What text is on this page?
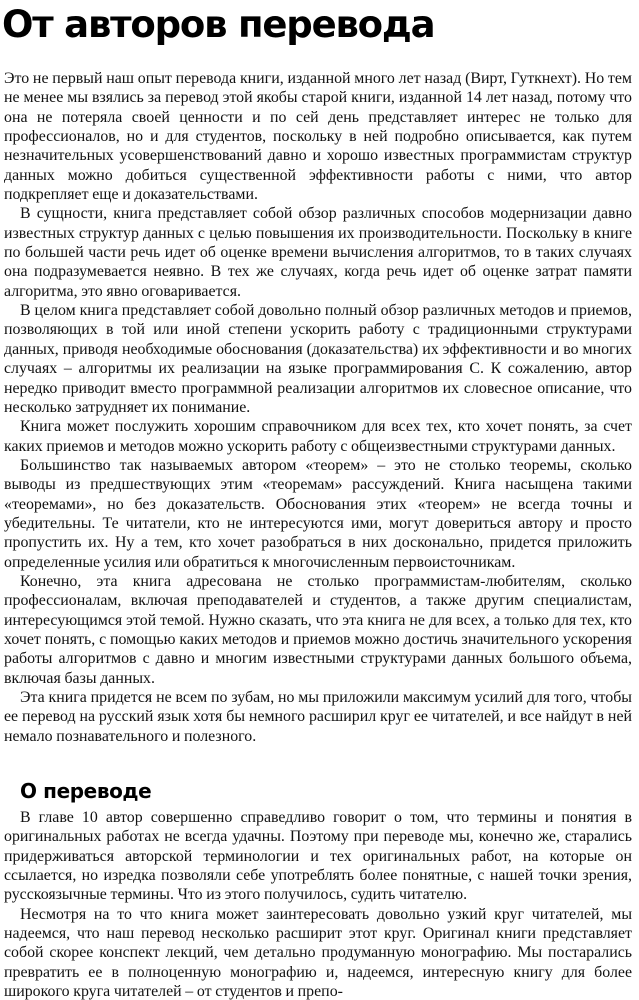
От авторов перевода

Это не первый наш опыт перевода книги, изданной много лет назад (Вирт, Гуткнехт). Но тем не менее мы взялись за перевод этой якобы старой книги, изданной 14 лет назад, потому что она не потеряла своей ценности и по сей день представляет интерес не только для профессионалов, но и для студентов, поскольку в ней подробно описывается, как путем незначительных усовершенствований давно и хорошо известных программистам структур данных можно добиться существенной эффективности работы с ними, что автор подкрепляет еще и доказательствами.

В сущности, книга представляет собой обзор различных способов модернизации давно известных структур данных с целью повышения их производительности. Поскольку в книге по большей части речь идет об оценке времени вычисления алгоритмов, то в таких случаях она подразумевается неявно. В тех же случаях, когда речь идет об оценке затрат памяти алгоритма, это явно оговаривается.

В целом книга представляет собой довольно полный обзор различных методов и приемов, позволяющих в той или иной степени ускорить работу с традиционными структурами данных, приводя необходимые обоснования (доказательства) их эффективности и во многих случаях – алгоритмы их реализации на языке программирования C. К сожалению, автор нередко приводит вместо программной реализации алгоритмов их словесное описание, что несколько затрудняет их понимание.

Книга может послужить хорошим справочником для всех тех, кто хочет понять, за счет каких приемов и методов можно ускорить работу с общеизвестными структурами данных.

Большинство так называемых автором «теорем» – это не столько теоремы, сколько выводы из предшествующих этим «теоремам» рассуждений. Книга насыщена такими «теоремами», но без доказательств. Обоснования этих «теорем» не всегда точны и убедительны. Те читатели, кто не интересуются ими, могут довериться автору и просто пропустить их. Ну а тем, кто хочет разобраться в них досконально, придется приложить определенные усилия или обратиться к многочисленным первоисточникам.

Конечно, эта книга адресована не столько программистам-любителям, сколько профессионалам, включая преподавателей и студентов, а также другим специалистам, интересующимся этой темой. Нужно сказать, что эта книга не для всех, а только для тех, кто хочет понять, с помощью каких методов и приемов можно достичь значительного ускорения работы алгоритмов с давно и многим известными структурами данных большого объема, включая базы данных.

Эта книга придется не всем по зубам, но мы приложили максимум усилий для того, чтобы ее перевод на русский язык хотя бы немного расширил круг ее читателей, и все найдут в ней немало познавательного и полезного.

О переводе

В главе 10 автор совершенно справедливо говорит о том, что термины и понятия в оригинальных работах не всегда удачны. Поэтому при переводе мы, конечно же, старались придерживаться авторской терминологии и тех оригинальных работ, на которые он ссылается, но изредка позволяли себе употреблять более понятные, с нашей точки зрения, русскоязычные термины. Что из этого получилось, судить читателю.

Несмотря на то что книга может заинтересовать довольно узкий круг читателей, мы надеемся, что наш перевод несколько расширит этот круг. Оригинал книги представляет собой скорее конспект лекций, чем детально продуманную монографию. Мы постарались превратить ее в полноценную монографию и, надеемся, интересную книгу для более широкого круга читателей – от студентов и препо-
